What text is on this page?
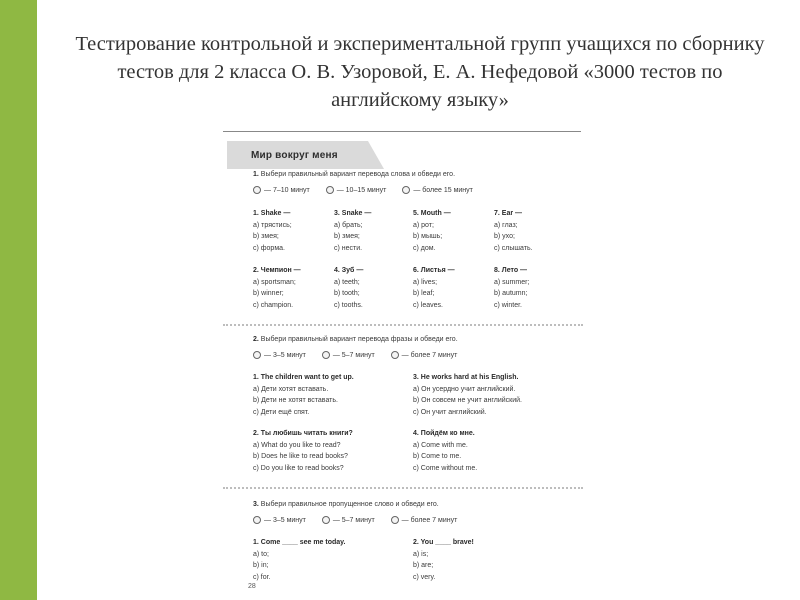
Тестирование контрольной и экспериментальной групп учащихся по сборнику тестов для 2 класса О. В. Узоровой, Е. А. Нефедовой «3000 тестов по английскому языку»
Мир вокруг меня
1. Выбери правильный вариант перевода слова и обведи его.
— 7–10 минут	— 10–15 минут	— более 15 минут
1. Shake —
a) трястись;
b) змея;
c) форма.
3. Snake —
a) брать;
b) змея;
c) нести.
5. Mouth —
a) рот;
b) мышь;
c) дом.
7. Ear —
a) глаз;
b) ухо;
c) слышать.
2. Чемпион —
a) sportsman;
b) winner;
c) champion.
4. Зуб —
a) teeth;
b) tooth;
c) tooths.
6. Листья —
a) lives;
b) leaf;
c) leaves.
8. Лето —
a) summer;
b) autumn;
c) winter.
2. Выбери правильный вариант перевода фразы и обведи его.
— 3–5 минут	— 5–7 минут	— более 7 минут
1. The children want to get up.
a) Дети хотят вставать.
b) Дети не хотят вставать.
c) Дети ещё спят.
3. He works hard at his English.
a) Он усердно учит английский.
b) Он совсем не учит английский.
c) Он учит английский.
2. Ты любишь читать книги?
a) What do you like to read?
b) Does he like to read books?
c) Do you like to read books?
4. Пойдём ко мне.
a) Come with me.
b) Come to me.
c) Come without me.
3. Выбери правильное пропущенное слово и обведи его.
— 3–5 минут	— 5–7 минут	— более 7 минут
1. Come ____ see me today.
a) to;
b) in;
c) for.
2. You ____ brave!
a) is;
b) are;
c) very.
28
